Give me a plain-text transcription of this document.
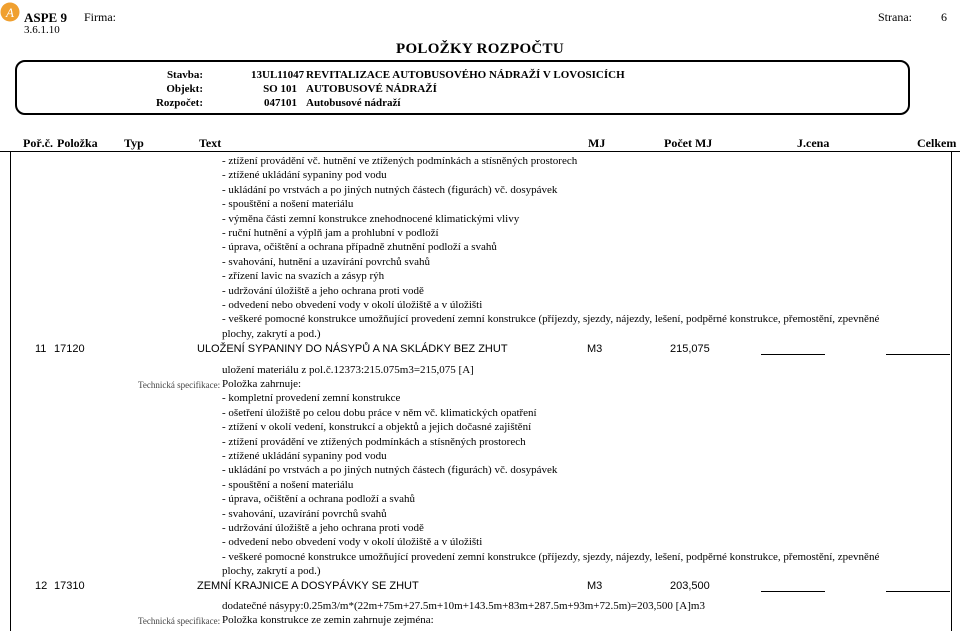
A ASPE 9
3.6.1.10
Firma:	Strana: 6
POLOŽKY ROZPOČTU
Stavba:	13UL11047 REVITALIZACE AUTOBUSOVÉHO NÁDRAŽÍ V LOVOSICÍCH
Objekt:	SO 101 AUTOBUSOVÉ NÁDRAŽÍ
Rozpočet:	047101 Autobusové nádraží
Poř.č. Položka Typ	Text	MJ	Počet MJ	J.cena	Celkem
- ztížení provádění vč. hutnění ve ztížených podmínkách a stísněných prostorech
- ztížené ukládání sypaniny pod vodu
- ukládání po vrstvách a po jiných nutných částech (figurách) vč. dosypávek
- spouštění a nošení materiálu
- výměna části zemní konstrukce znehodnocené klimatickými vlivy
- ruční hutnění a výplň jam a prohlubní v podloží
- úprava, očištění a ochrana případně zhutnění podloží a svahů
- svahování, hutnění a uzavírání povrchů svahů
- zřízení lavic na svazích a zásyp rýh
- udržování úložiště a jeho ochrana proti vodě
- odvedení nebo obvedení vody v okolí úložiště a v úložišti
- veškeré pomocné konstrukce umožňující provedení zemní konstrukce (příjezdy, sjezdy, nájezdy, lešení, podpěrné konstrukce, přemostění, zpevněné
plochy, zakrytí a pod.)
11 17120	ULOŽENÍ SYPANINY DO NÁSYPŮ A NA SKLÁDKY BEZ ZHUT	M3	215,075
uložení materiálu z pol.č.12373:215.075m3=215,075 [A]
Technická specifikace: Položka zahrnuje:
- kompletní provedení zemní konstrukce
- ošetření úložiště po celou dobu práce v něm vč. klimatických opatření
- ztížení v okolí vedení, konstrukcí a objektů a jejich dočasné zajištění
- ztížení provádění ve ztížených podmínkách a stísněných prostorech
- ztížené ukládání sypaniny pod vodu
- ukládání po vrstvách a po jiných nutných částech (figurách) vč. dosypávek
- spouštění a nošení materiálu
- úprava, očištění a ochrana podloží a svahů
- svahování, uzavírání povrchů svahů
- udržování úložiště a jeho ochrana proti vodě
- odvedení nebo obvedení vody v okolí úložiště a v úložišti
- veškeré pomocné konstrukce umožňující provedení zemní konstrukce (příjezdy, sjezdy, nájezdy, lešení, podpěrné konstrukce, přemostění, zpevněné
plochy, zakrytí a pod.)
12 17310	ZEMNÍ KRAJNICE A DOSYPÁVKY SE ZHUT	M3	203,500
dodatečné násypy:0.25m3/m*(22m+75m+27.5m+10m+143.5m+83m+287.5m+93m+72.5m)=203,500 [A]m3
Technická specifikace: Položka konstrukce ze zemin zahrnuje zejména:
